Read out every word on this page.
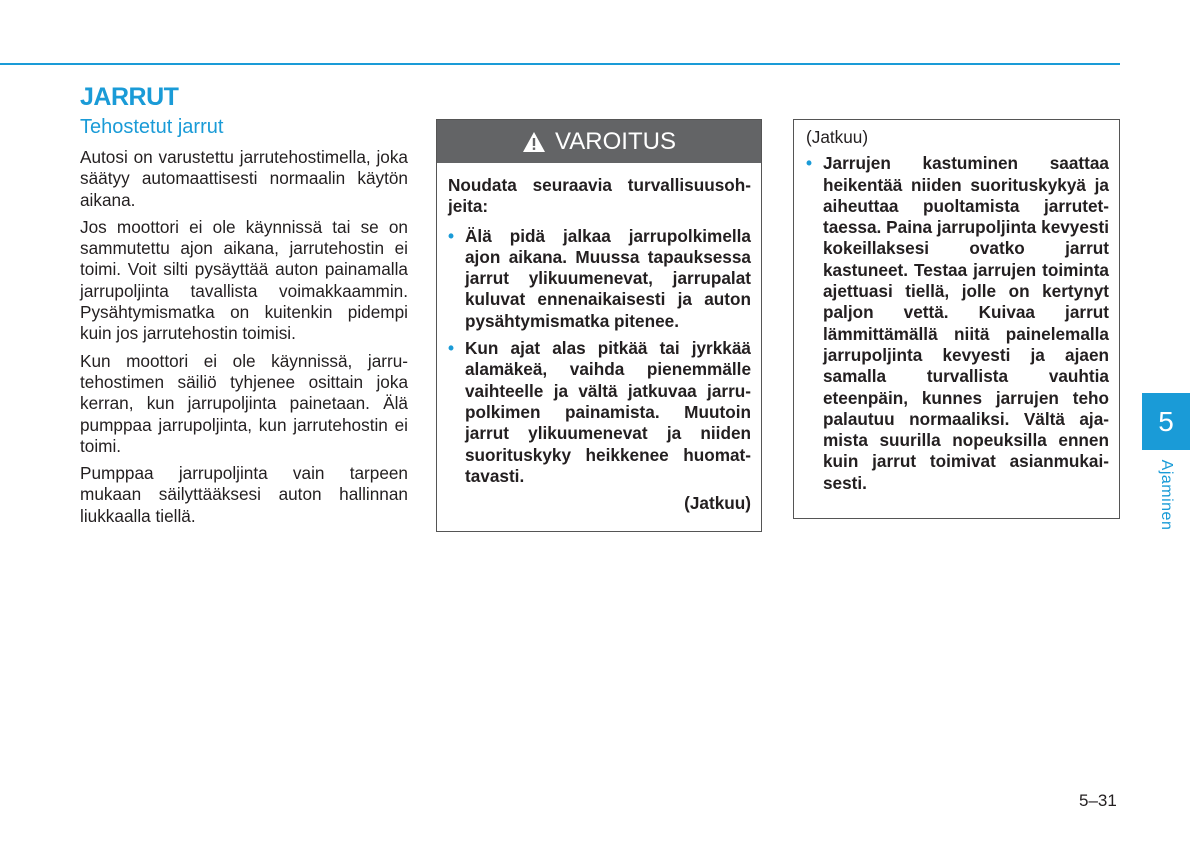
JARRUT
Tehostetut jarrut

Autosi on varustettu jarrutehostimella, joka säätyy automaattisesti normaalin käytön aikana.

Jos moottori ei ole käynnissä tai se on sammutettu ajon aikana, jarrutehostin ei toimi. Voit silti pysäyttää auton painamalla jarrupoljinta tavallista voimakkaammin. Pysähtymismatka on kuitenkin pidempi kuin jos jarrutehostin toimisi.

Kun moottori ei ole käynnissä, jarrutehostimen säiliö tyhjenee osittain joka kerran, kun jarrupoljinta painetaan. Älä pumppaa jarrupoljinta, kun jarrutehostin ei toimi.

Pumppaa jarrupoljinta vain tarpeen mukaan säilyttääksesi auton hallinnan liukkaalla tiellä.

VAROITUS

Noudata seuraavia turvallisuusohjeita:

• Älä pidä jalkaa jarrupolkimella ajon aikana. Muussa tapauksessa jarrut ylikuumenevat, jarrupalat kuluvat ennenaikaisesti ja auton pysähtymismatka pitenee.
• Kun ajat alas pitkää tai jyrkkää alamäkeä, vaihda pienemmälle vaihteelle ja vältä jatkuvaa jarrupolkimen painamista. Muutoin jarrut ylikuumenevat ja niiden suorituskyky heikkenee huomattavasti.
(Jatkuu)
(Jatkuu)
• Jarrujen kastuminen saattaa heikentää niiden suorituskykyä ja aiheuttaa puoltamista jarrutettaessa. Paina jarrupoljinta kevyesti kokeillaksesi ovatko jarrut kastuneet. Testaa jarrujen toiminta ajettuasi tiellä, jolle on kertynyt paljon vettä. Kuivaa jarrut lämmittämällä niitä painelemalla jarrupoljinta kevyesti ja ajaen samalla turvallista vauhtia eteenpäin, kunnes jarrujen teho palautuu normaaliksi. Vältä ajamista suurilla nopeuksilla ennen kuin jarrut toimivat asianmukaisesti.
5
Ajaminen
5–31
